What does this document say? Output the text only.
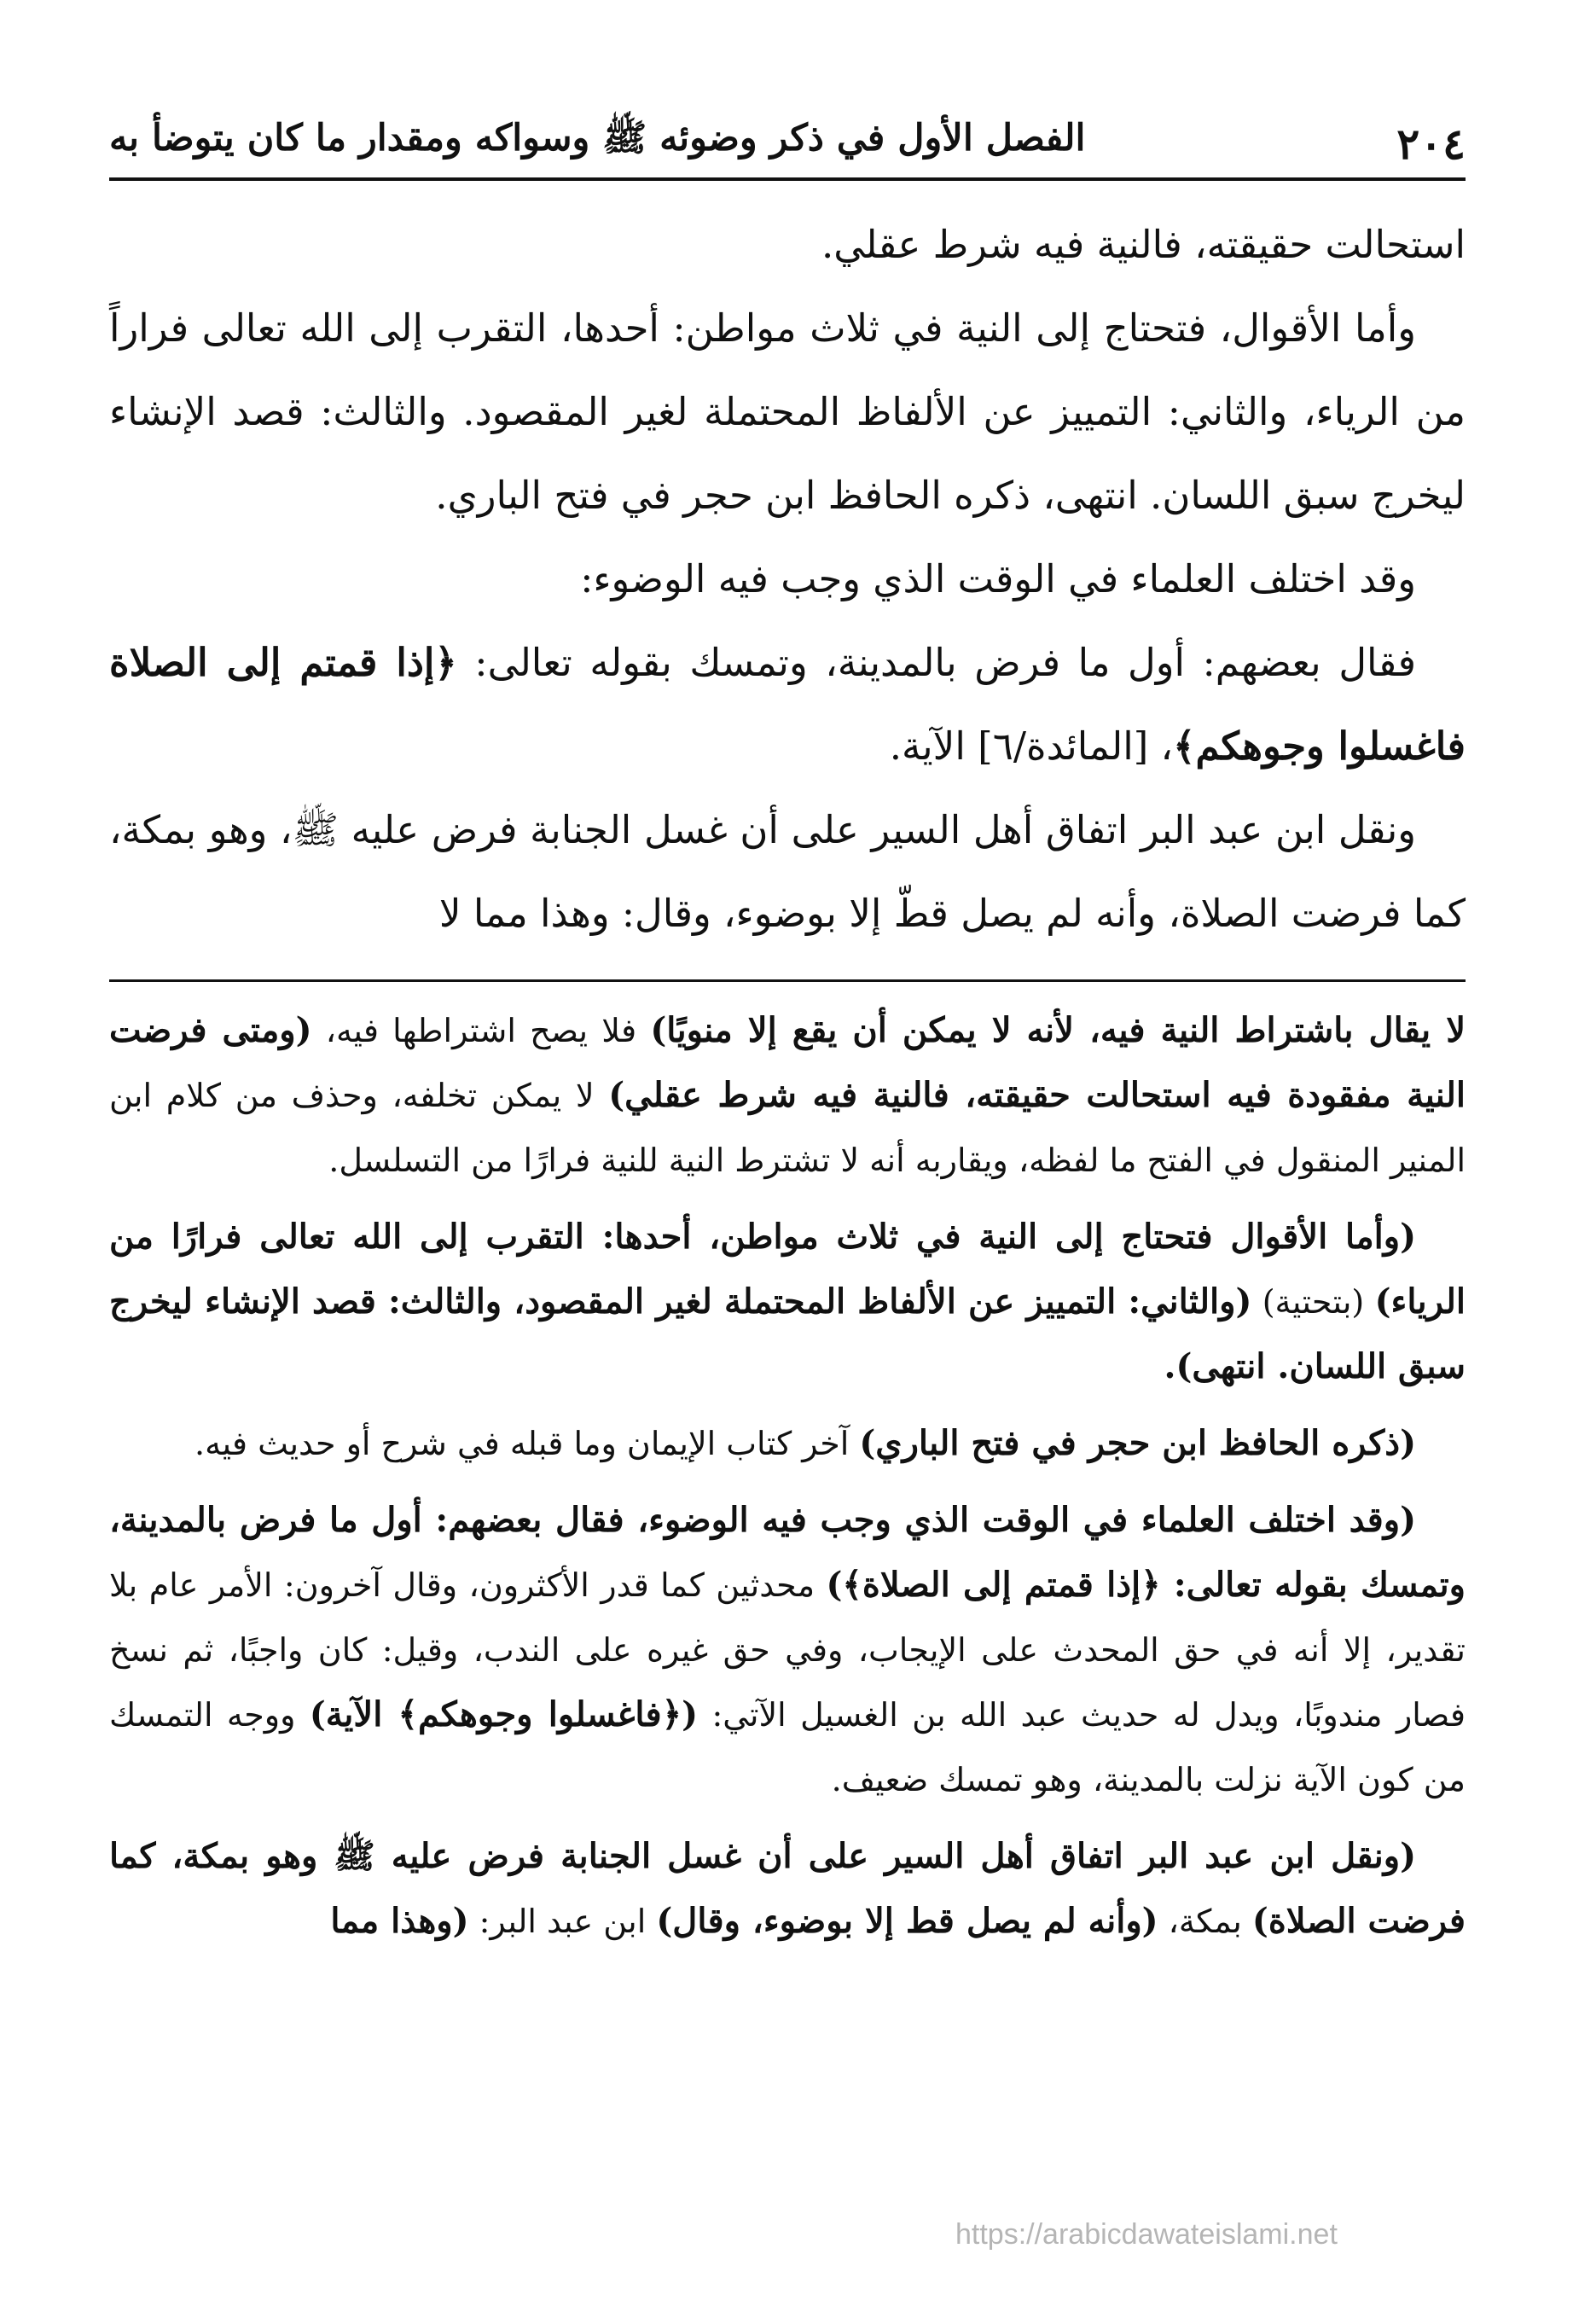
٢٠٤
الفصل الأول في ذكر وضوئه ﷺ وسواكه ومقدار ما كان يتوضأ به

استحالت حقيقته، فالنية فيه شرط عقلي.

وأما الأقوال، فتحتاج إلى النية في ثلاث مواطن: أحدها، التقرب إلى الله تعالى فراراً من الرياء، والثاني: التمييز عن الألفاظ المحتملة لغير المقصود. والثالث: قصد الإنشاء ليخرج سبق اللسان. انتهى، ذكره الحافظ ابن حجر في فتح الباري.

وقد اختلف العلماء في الوقت الذي وجب فيه الوضوء:

فقال بعضهم: أول ما فرض بالمدينة، وتمسك بقوله تعالى: ﴿إذا قمتم إلى الصلاة فاغسلوا وجوهكم﴾، [المائدة/٦] الآية.

ونقل ابن عبد البر اتفاق أهل السير على أن غسل الجنابة فرض عليه ﷺ، وهو بمكة، كما فرضت الصلاة، وأنه لم يصل قطّ إلا بوضوء، وقال: وهذا مما لا

لا يقال باشتراط النية فيه، لأنه لا يمكن أن يقع إلا منويًا) فلا يصح اشتراطها فيه، (ومتى فرضت النية مفقودة فيه استحالت حقيقته، فالنية فيه شرط عقلي) لا يمكن تخلفه، وحذف من كلام ابن المنير المنقول في الفتح ما لفظه، ويقاربه أنه لا تشترط النية للنية فرارًا من التسلسل.

(وأما الأقوال فتحتاج إلى النية في ثلاث مواطن، أحدها: التقرب إلى الله تعالى فرارًا من الرياء) (بتحتية) (والثاني: التمييز عن الألفاظ المحتملة لغير المقصود، والثالث: قصد الإنشاء ليخرج سبق اللسان. انتهى).

(ذكره الحافظ ابن حجر في فتح الباري) آخر كتاب الإيمان وما قبله في شرح أو حديث فيه.

(وقد اختلف العلماء في الوقت الذي وجب فيه الوضوء، فقال بعضهم: أول ما فرض بالمدينة، وتمسك بقوله تعالى: ﴿إذا قمتم إلى الصلاة﴾) محدثين كما قدر الأكثرون، وقال آخرون: الأمر عام بلا تقدير، إلا أنه في حق المحدث على الإيجاب، وفي حق غيره على الندب، وقيل: كان واجبًا، ثم نسخ فصار مندوبًا، ويدل له حديث عبد الله بن الغسيل الآتي: (﴿فاغسلوا وجوهكم﴾ الآية) ووجه التمسك من كون الآية نزلت بالمدينة، وهو تمسك ضعيف.

(ونقل ابن عبد البر اتفاق أهل السير على أن غسل الجنابة فرض عليه ﷺ وهو بمكة، كما فرضت الصلاة) بمكة، (وأنه لم يصل قط إلا بوضوء، وقال) ابن عبد البر: (وهذا مما

https://arabicdawateislami.net
